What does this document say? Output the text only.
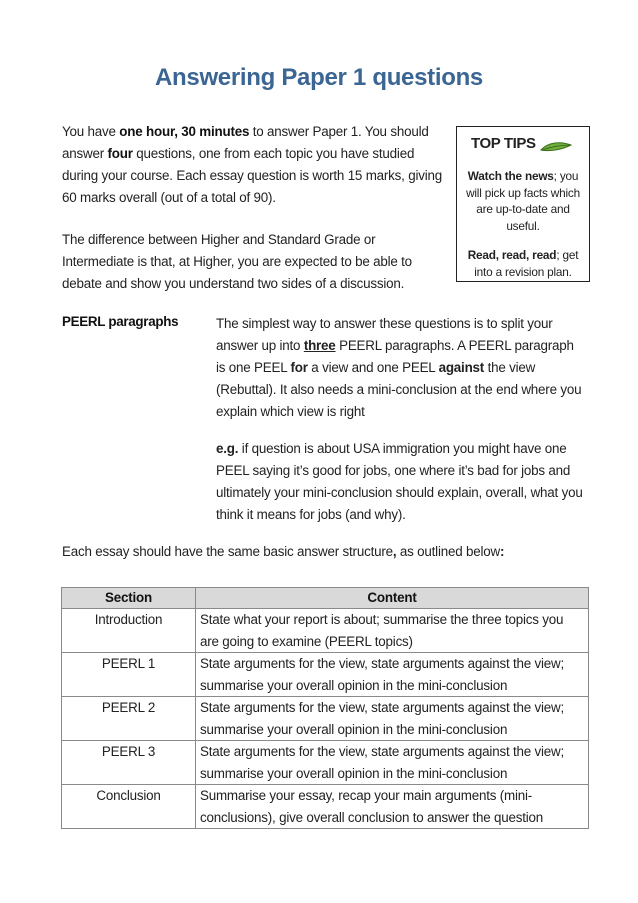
Answering Paper 1 questions
You have one hour, 30 minutes to answer Paper 1. You should answer four questions, one from each topic you have studied during your course. Each essay question is worth 15 marks, giving 60 marks overall (out of a total of 90).
The difference between Higher and Standard Grade or Intermediate is that, at Higher, you are expected to be able to debate and show you understand two sides of a discussion.
TOP TIPS

Watch the news; you will pick up facts which are up-to-date and useful.

Read, read, read; get into a revision plan.

PEERL paragraphs	The simplest way to answer these questions is to split your answer up into three PEERL paragraphs. A PEERL paragraph is one PEEL for a view and one PEEL against the view (Rebuttal). It also needs a mini-conclusion at the end where you explain which view is right
e.g. if question is about USA immigration you might have one PEEL saying it’s good for jobs, one where it’s bad for jobs and ultimately your mini-conclusion should explain, overall, what you think it means for jobs (and why).
Each essay should have the same basic answer structure, as outlined below:
Section	Content
Introduction	State what your report is about; summarise the three topics you are going to examine (PEERL topics)
PEERL 1	State arguments for the view, state arguments against the view; summarise your overall opinion in the mini-conclusion
PEERL 2	State arguments for the view, state arguments against the view; summarise your overall opinion in the mini-conclusion
PEERL 3	State arguments for the view, state arguments against the view; summarise your overall opinion in the mini-conclusion
Conclusion	Summarise your essay, recap your main arguments (mini-conclusions), give overall conclusion to answer the question
